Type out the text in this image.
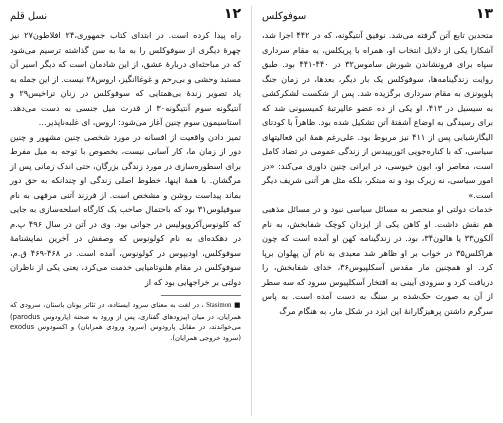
۱۲
نسل قلم

راه پیدا کرده است. در ابتدای کتاب جمهوری،۲۴ افلاطون۲۷ نیز چهرهٔ دیگری از سوفوکلس را به ما به سن گذاشته ترسیم می‌شود که در مباحثه‌ای دربارهٔ عشق، از این شادمان است که دیگر اسیر آن مستبد وحشی و بی‌رحم و غوغاانگیز، اروس۲۸ نیست. از این جمله به یاد تصویر زندهٔ بی‌همتایی که سوفوکلس در زنان تراخیس۲۹ و آنتیگونه سوم آنتیگونه۳۰ از قدرت میل جنسی به دست می‌دهد. استاسیمون سوم چنین آغاز می‌شود: اروس، ای غلبه‌ناپذیر…

تمیز دادن واقعیت از افسانه در مورد شخصی چنین مشهور و چنین دور از زمان ما، کار آسانی نیست، بخصوص با توجه به میل مفرط برای اسطوره‌سازی در مورد زندگی بزرگان، حتی اندک زمانی پس از مرگشان. با همهٔ اینها، خطوط اصلی زندگی او چندانکه به حق دور بماند پیداست روشن و مشخص است. از فرزند آتنی مرفهی به نام سوفیلوس۳۱ بود که باحتمال صاحب یک کارگاه اسلحه‌سازی به جایی که کلونوس‌آکروپولیس در جوانی بود. وی در آتن در سال ۴۹۶ پ.م در دهکده‌ای به نام کولونوس که وصفش در آخرین نمایشنامهٔ سوفوکلس، اودیپوس در کولونوس، آمده است. در ۴۶۸-۴۶۹ ق.م، سوفوکلس در مقام هلنوتامیایی خدمت می‌کرد، یعنی یکی از ناظران دولتی بر خراجهایی بود که از

■ Stasimon ، در لغت به معنای سرود ایستاده، در تئاتر یونان باستان، سرودی که همرایان، در میان اپیزودهای گفتاری، پس از ورود به صحنه (پارودوس parodus) می‌خواندند، در مقابل پارودوس (سرود ورودی همرایان) و اکسودوس exodus (سرود خروجی همرایان).
۱۳
سوفوکلس

متحدین تابع آتن گرفته می‌شد. نوفیق آنتیگونه، که در ۴۴۲ اجرا شد، آشکارا یکی از دلایل انتخاب او، همراه با پریکلس، به مقام سرداری سپاه برای فرونشاندن شورش ساموس۳۲ در ۴۴۰-۴۴۱ بود. طبق روایت زندگینامه‌ها، سوفوکلس یک بار دیگر، بعدها، در زمان جنگ پلوپونزی به مقام سرداری برگزیده شد. پس از شکست لشکرکشی به سیسیل در ۴۱۳، او یکی از ده عضو عالیرتبهٔ کمیسیونی شد که برای رسیدگی به اوضاع آشفتهٔ آتن تشکیل شده بود. ظاهراً با کودتای الیگارشیایی پس از ۴۱۱ نیز مربوط بود. علی‌رغم همهٔ این فعالیتهای سیاسی، که با کناره‌جویی اثوریپیدس از زندگی عمومی در تضاد کامل است، معاصر او، ایون خیوسی، در ایرانی چنین داوری می‌کند: «در امور سیاسی، نه زیرک بود و نه مبتکر، بلکه مثل هر آتنی شریف دیگر است.»

خدمات دولتی او منحصر به مسائل سیاسی نبود و در مسائل مذهبی هم نقش داشت. او کاهن یکی از ایزدان کوچک شفابخش، به نام آلکون۳۳ یا هالون۳۴، بود. در زندگینامه کهن او آمده است که چون هراکلس۳۵ در خواب بر او ظاهر شد معبدی به نام آن پهلوان برپا کرد. او همچنین مار مقدس آسکلپیوس۳۶، خدای شفابخش، را دریافت کرد و سرودی آیینی به افتخار آسکلپیوس سرود که سه سطر از آن به صورت حک‌شده بر سنگ به دست آمده است. به پاس سرگرم داشتن پرهیزگارانهٔ این ایزد در شکل مار، به هنگام مرگ
